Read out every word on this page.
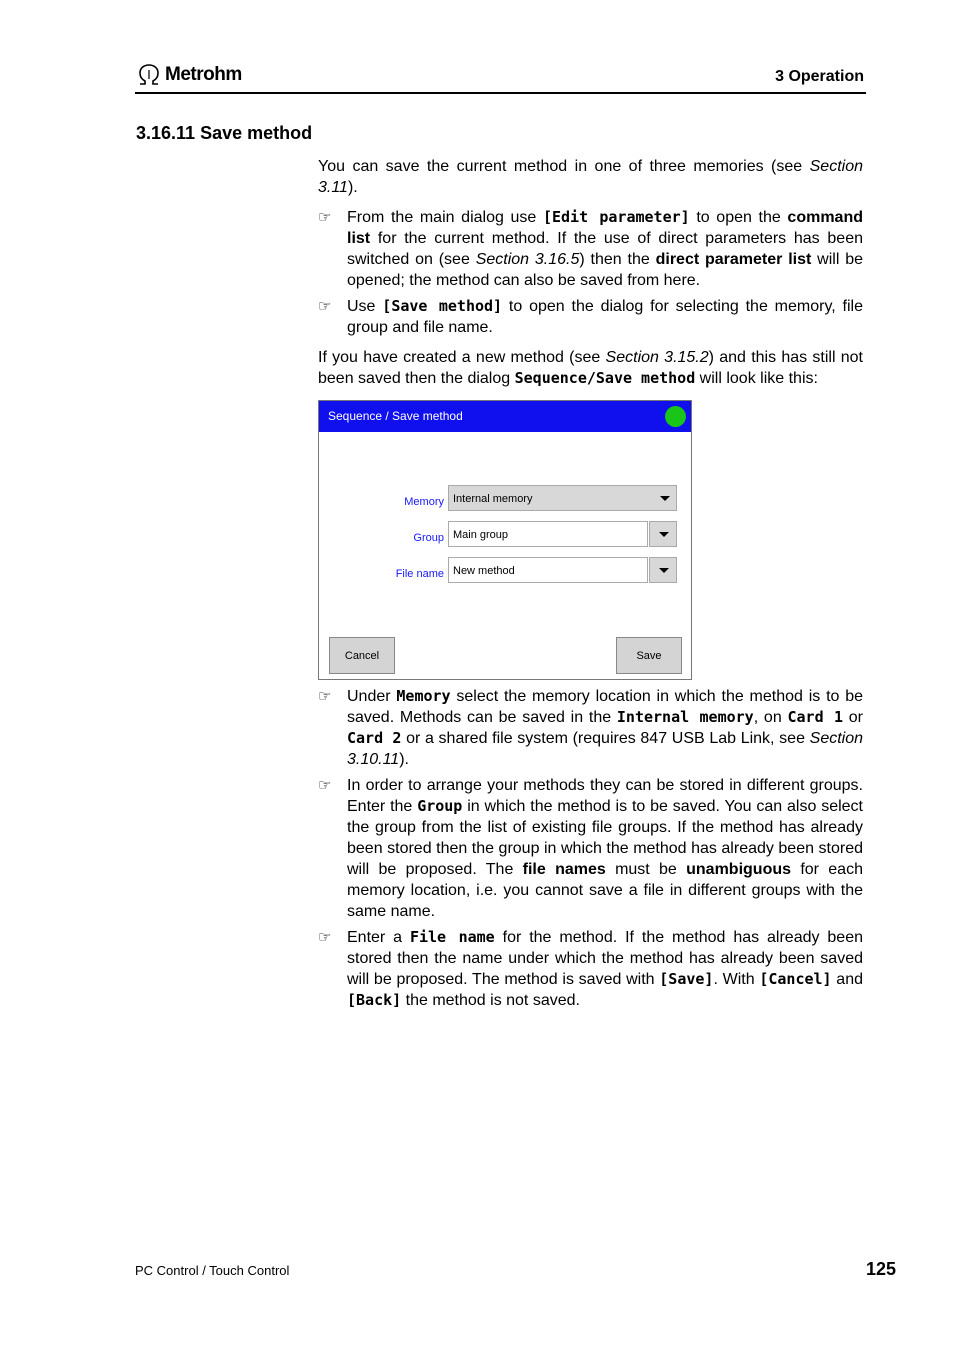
Metrohm	3 Operation
3.16.11 Save method

You can save the current method in one of three memories (see Section 3.11).

☞ From the main dialog use [Edit parameter] to open the command list for the current method. If the use of direct parameters has been switched on (see Section 3.16.5) then the direct parameter list will be opened; the method can also be saved from here.
☞ Use [Save method] to open the dialog for selecting the memory, file group and file name.

If you have created a new method (see Section 3.15.2) and this has still not been saved then the dialog Sequence/Save method will look like this:

Sequence / Save method
Memory Internal memory
Group Main group
File name New method
Cancel	Save
☞ Under Memory select the memory location in which the method is to be saved. Methods can be saved in the Internal memory, on Card 1 or Card 2 or a shared file system (requires 847 USB Lab Link, see Section 3.10.11).
☞ In order to arrange your methods they can be stored in different groups. Enter the Group in which the method is to be saved. You can also select the group from the list of existing file groups. If the method has already been stored then the group in which the method has already been stored will be proposed. The file names must be unambiguous for each memory location, i.e. you cannot save a file in different groups with the same name.
☞ Enter a File name for the method. If the method has already been stored then the name under which the method has already been saved will be proposed. The method is saved with [Save]. With [Cancel] and [Back] the method is not saved.
PC Control / Touch Control	125
